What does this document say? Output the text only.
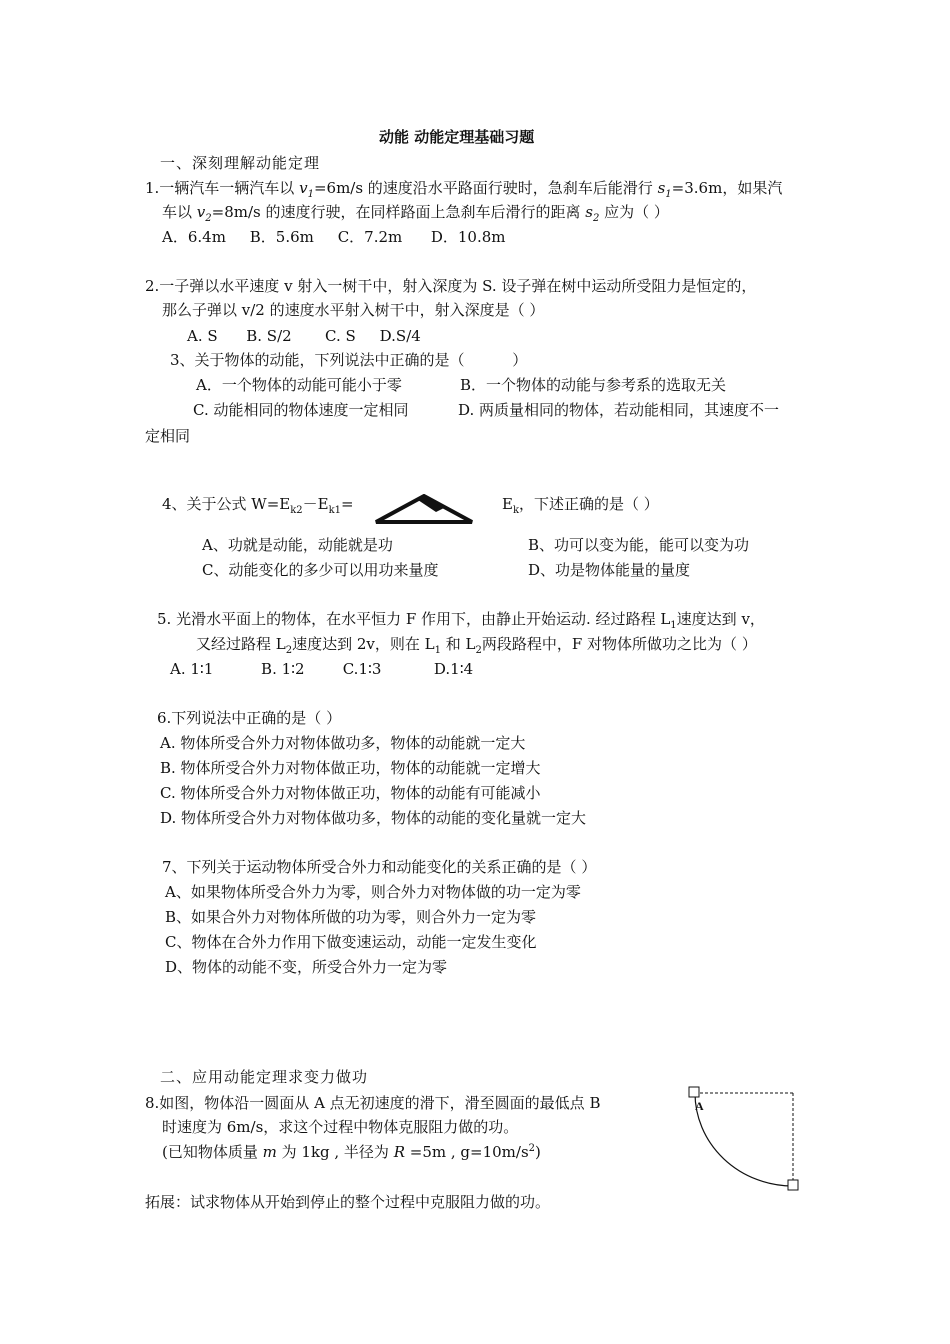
动能 动能定理基础习题
一、深刻理解动能定理
1.一辆汽车一辆汽车以 $v_1=6m/s$ 的速度沿水平路面行驶时，急刹车后能滑行 $s_1=3.6m$，如果汽
车以 $v_2=8m/s$ 的速度行驶，在同样路面上急刹车后滑行的距离 $s_2$ 应为（ ）
A．6.4m     B．5.6m     C．7.2m      D．10.8m
2.一子弹以水平速度 v 射入一树干中，射入深度为 S. 设子弹在树中运动所受阻力是恒定的，
那么子弹以 v/2 的速度水平射入树干中，射入深度是（ ）
A. S      B. S/2       C. S     D.S/4
3、关于物体的动能，下列说法中正确的是（          ）
A．一个物体的动能可能小于零	B．一个物体的动能与参考系的选取无关
C. 动能相同的物体速度一定相同	D. 两质量相同的物体，若动能相同，其速度不一
定相同
4、关于公式 $W=E_{k2}-E_{k1}=$	$E_k$，下述正确的是（ ）
A、功就是动能，动能就是功	B、功可以变为能，能可以变为功
C、动能变化的多少可以用功来量度	D、功是物体能量的量度
5. 光滑水平面上的物体，在水平恒力 F 作用下，由静止开始运动. 经过路程 $L_1$速度达到 v，
又经过路程 $L_2$速度达到 2v，则在 $L_1$ 和 $L_2$两段路程中，F 对物体所做功之比为（ ）
A. 1∶1          B. 1∶2        C.1∶3           D.1∶4
6.下列说法中正确的是（ ）
A. 物体所受合外力对物体做功多，物体的动能就一定大
B. 物体所受合外力对物体做正功，物体的动能就一定增大
C. 物体所受合外力对物体做正功，物体的动能有可能减小
D. 物体所受合外力对物体做功多，物体的动能的变化量就一定大
7、下列关于运动物体所受合外力和动能变化的关系正确的是（ ）
A、如果物体所受合外力为零，则合外力对物体做的功一定为零
B、如果合外力对物体所做的功为零，则合外力一定为零
C、物体在合外力作用下做变速运动，动能一定发生变化
D、物体的动能不变，所受合外力一定为零
二、应用动能定理求变力做功
8.如图，物体沿一圆面从 A 点无初速度的滑下，滑至圆面的最低点 B
时速度为 6m/s，求这个过程中物体克服阻力做的功。
(已知物体质量 m 为 1kg , 半径为 R =5m , $g=10m/s^2$)
A
拓展：试求物体从开始到停止的整个过程中克服阻力做的功。
